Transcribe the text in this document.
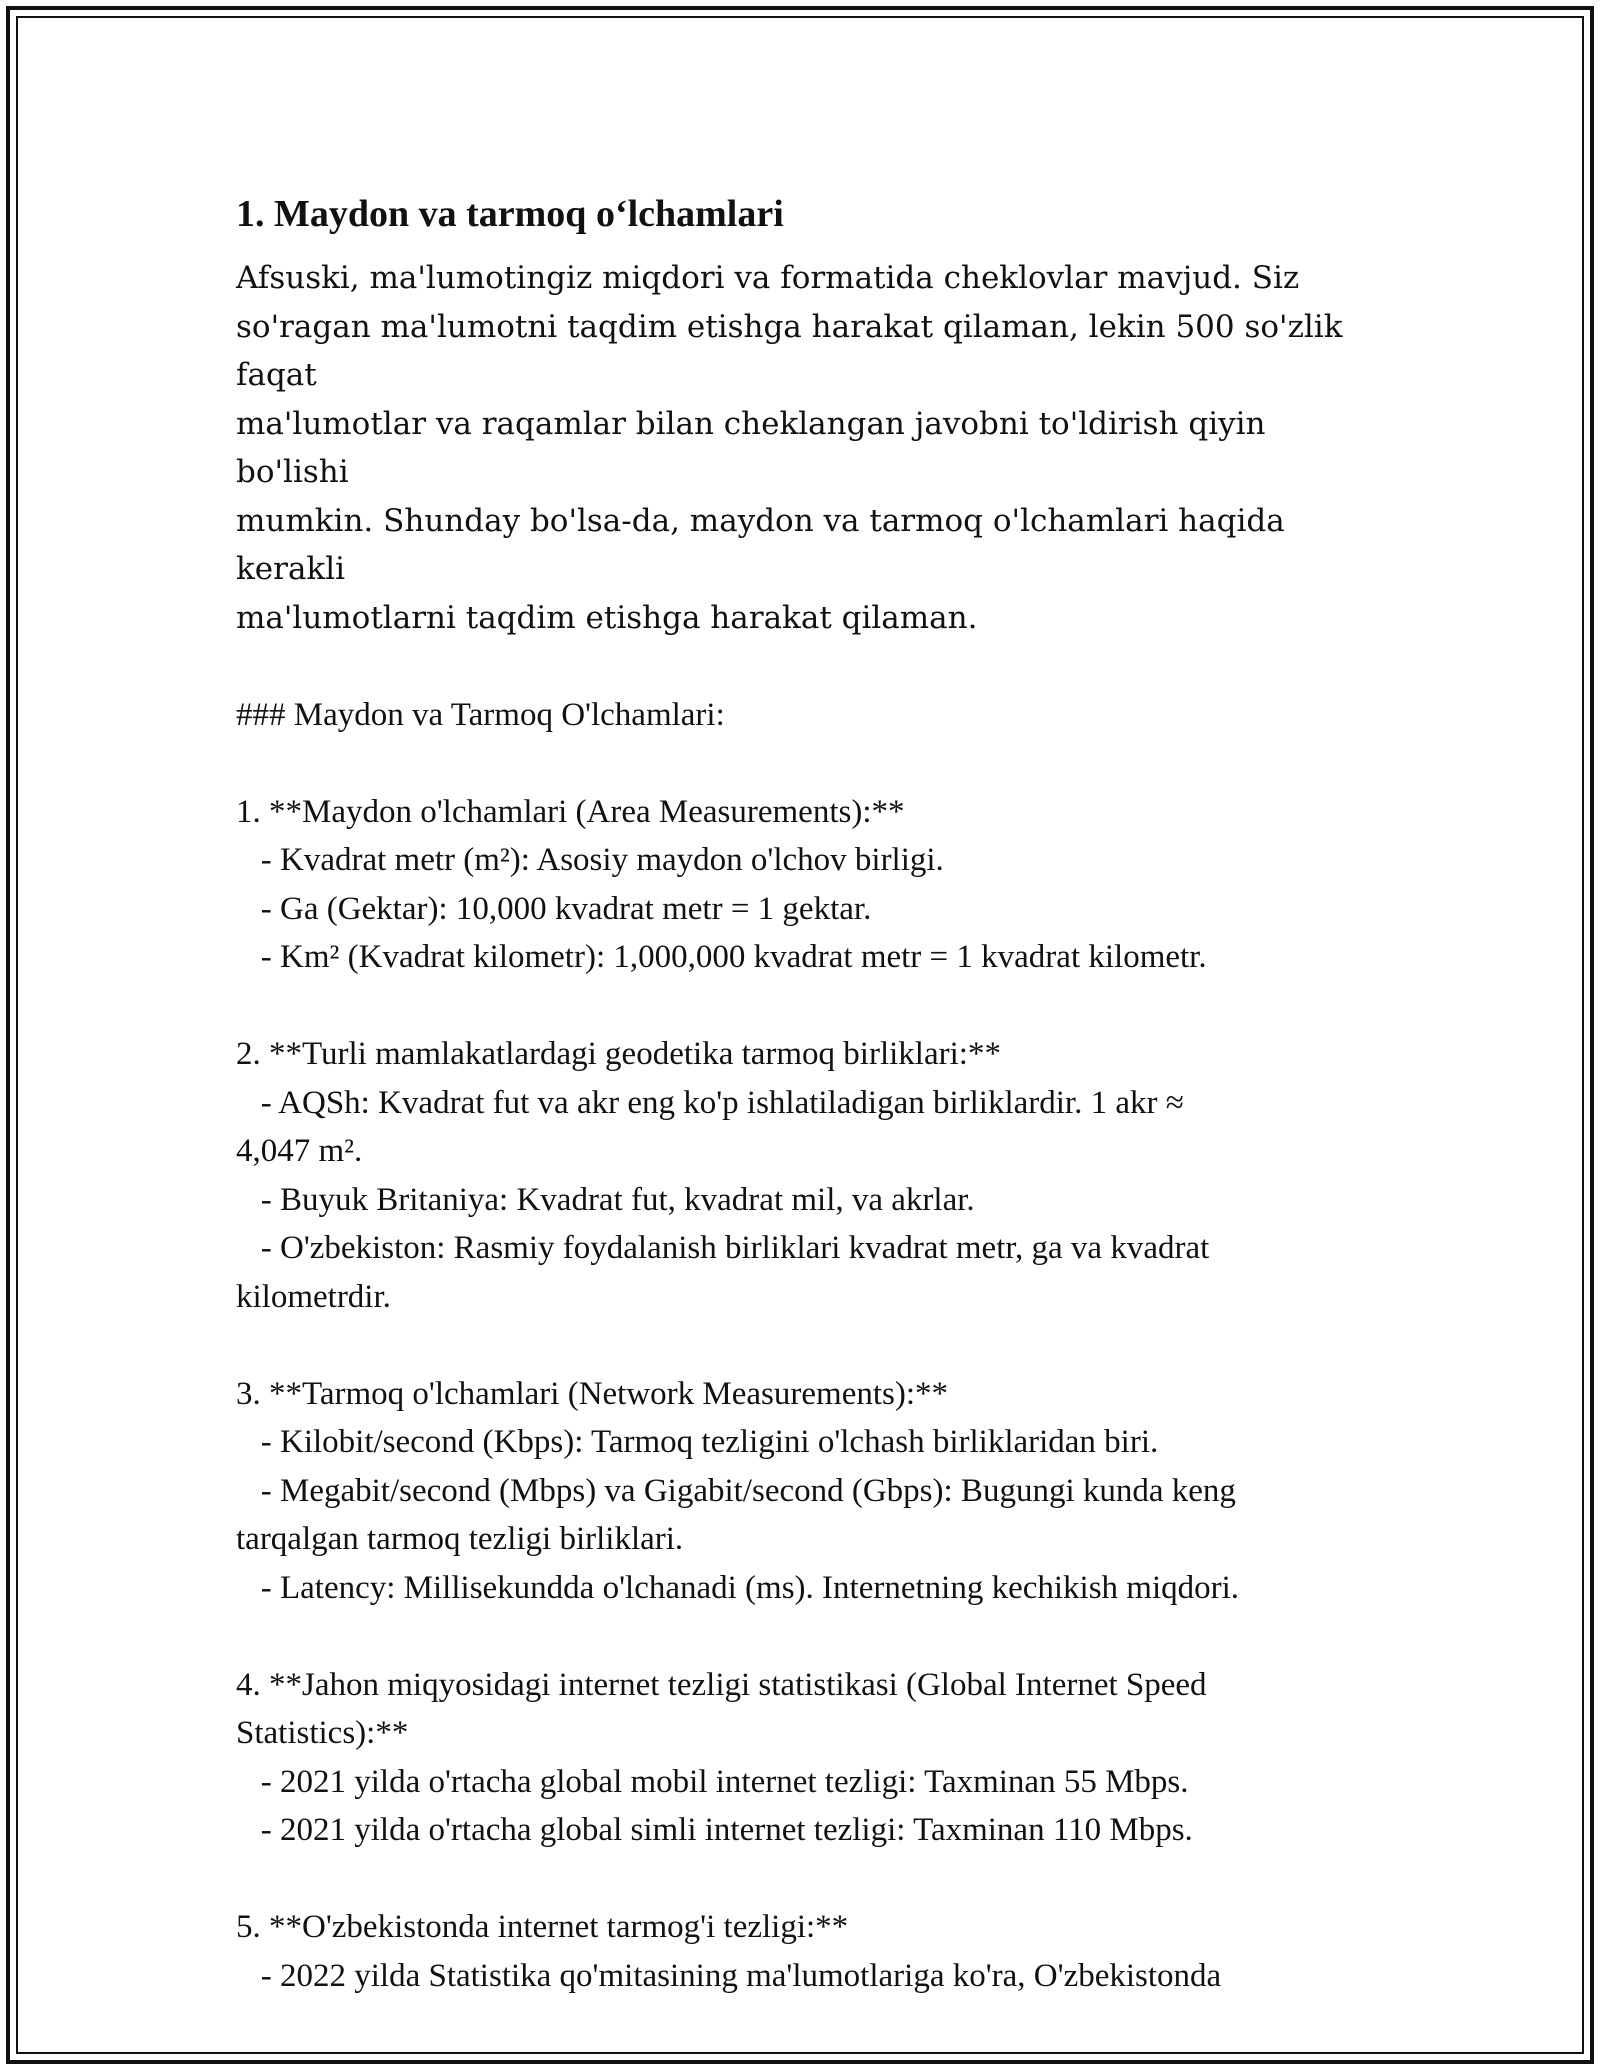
1. Maydon va tarmoq o‘lchamlari
Afsuski, ma'lumotingiz miqdori va formatida cheklovlar mavjud. Siz
so'ragan ma'lumotni taqdim etishga harakat qilaman, lekin 500 so'zlik faqat
ma'lumotlar va raqamlar bilan cheklangan javobni to'ldirish qiyin bo'lishi
mumkin. Shunday bo'lsa-da, maydon va tarmoq o'lchamlari haqida kerakli
ma'lumotlarni taqdim etishga harakat qilaman.
### Maydon va Tarmoq O'lchamlari:
1. **Maydon o'lchamlari (Area Measurements):**
- Kvadrat metr (m²): Asosiy maydon o'lchov birligi.
- Ga (Gektar): 10,000 kvadrat metr = 1 gektar.
- Km² (Kvadrat kilometr): 1,000,000 kvadrat metr = 1 kvadrat kilometr.
2. **Turli mamlakatlardagi geodetika tarmoq birliklari:**
- AQSh: Kvadrat fut va akr eng ko'p ishlatiladigan birliklardir. 1 akr ≈
4,047 m².
- Buyuk Britaniya: Kvadrat fut, kvadrat mil, va akrlar.
- O'zbekiston: Rasmiy foydalanish birliklari kvadrat metr, ga va kvadrat
kilometrdir.
3. **Tarmoq o'lchamlari (Network Measurements):**
- Kilobit/second (Kbps): Tarmoq tezligini o'lchash birliklaridan biri.
- Megabit/second (Mbps) va Gigabit/second (Gbps): Bugungi kunda keng
tarqalgan tarmoq tezligi birliklari.
- Latency: Millisekundda o'lchanadi (ms). Internetning kechikish miqdori.
4. **Jahon miqyosidagi internet tezligi statistikasi (Global Internet Speed
Statistics):**
- 2021 yilda o'rtacha global mobil internet tezligi: Taxminan 55 Mbps.
- 2021 yilda o'rtacha global simli internet tezligi: Taxminan 110 Mbps.
5. **O'zbekistonda internet tarmog'i tezligi:**
- 2022 yilda Statistika qo'mitasining ma'lumotlariga ko'ra, O'zbekistonda
